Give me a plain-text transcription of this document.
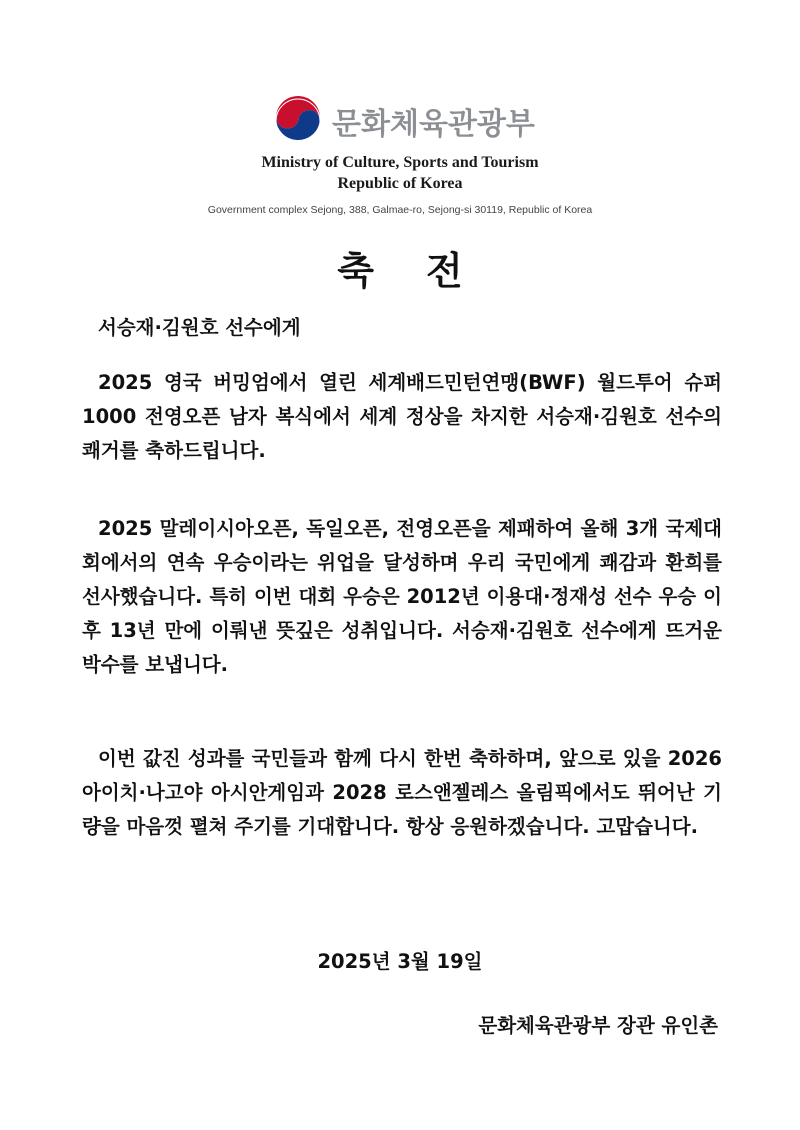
문화체육관광부
Ministry of Culture, Sports and Tourism
Republic of Korea
Government complex Sejong, 388, Galmae-ro, Sejong-si 30119, Republic of Korea
축전
서승재·김원호 선수에게

2025 영국 버밍엄에서 열린 세계배드민턴연맹(BWF) 월드투어 슈퍼 1000 전영오픈 남자 복식에서 세계 정상을 차지한 서승재·김원호 선수의 쾌거를 축하드립니다.

2025 말레이시아오픈, 독일오픈, 전영오픈을 제패하여 올해 3개 국제대회에서의 연속 우승이라는 위업을 달성하며 우리 국민에게 쾌감과 환희를 선사했습니다. 특히 이번 대회 우승은 2012년 이용대·정재성 선수 우승 이후 13년 만에 이뤄낸 뜻깊은 성취입니다. 서승재·김원호 선수에게 뜨거운 박수를 보냅니다.

이번 값진 성과를 국민들과 함께 다시 한번 축하하며, 앞으로 있을 2026 아이치·나고야 아시안게임과 2028 로스앤젤레스 올림픽에서도 뛰어난 기량을 마음껏 펼쳐 주기를 기대합니다. 항상 응원하겠습니다. 고맙습니다.

2025년 3월 19일
문화체육관광부 장관 유인촌
